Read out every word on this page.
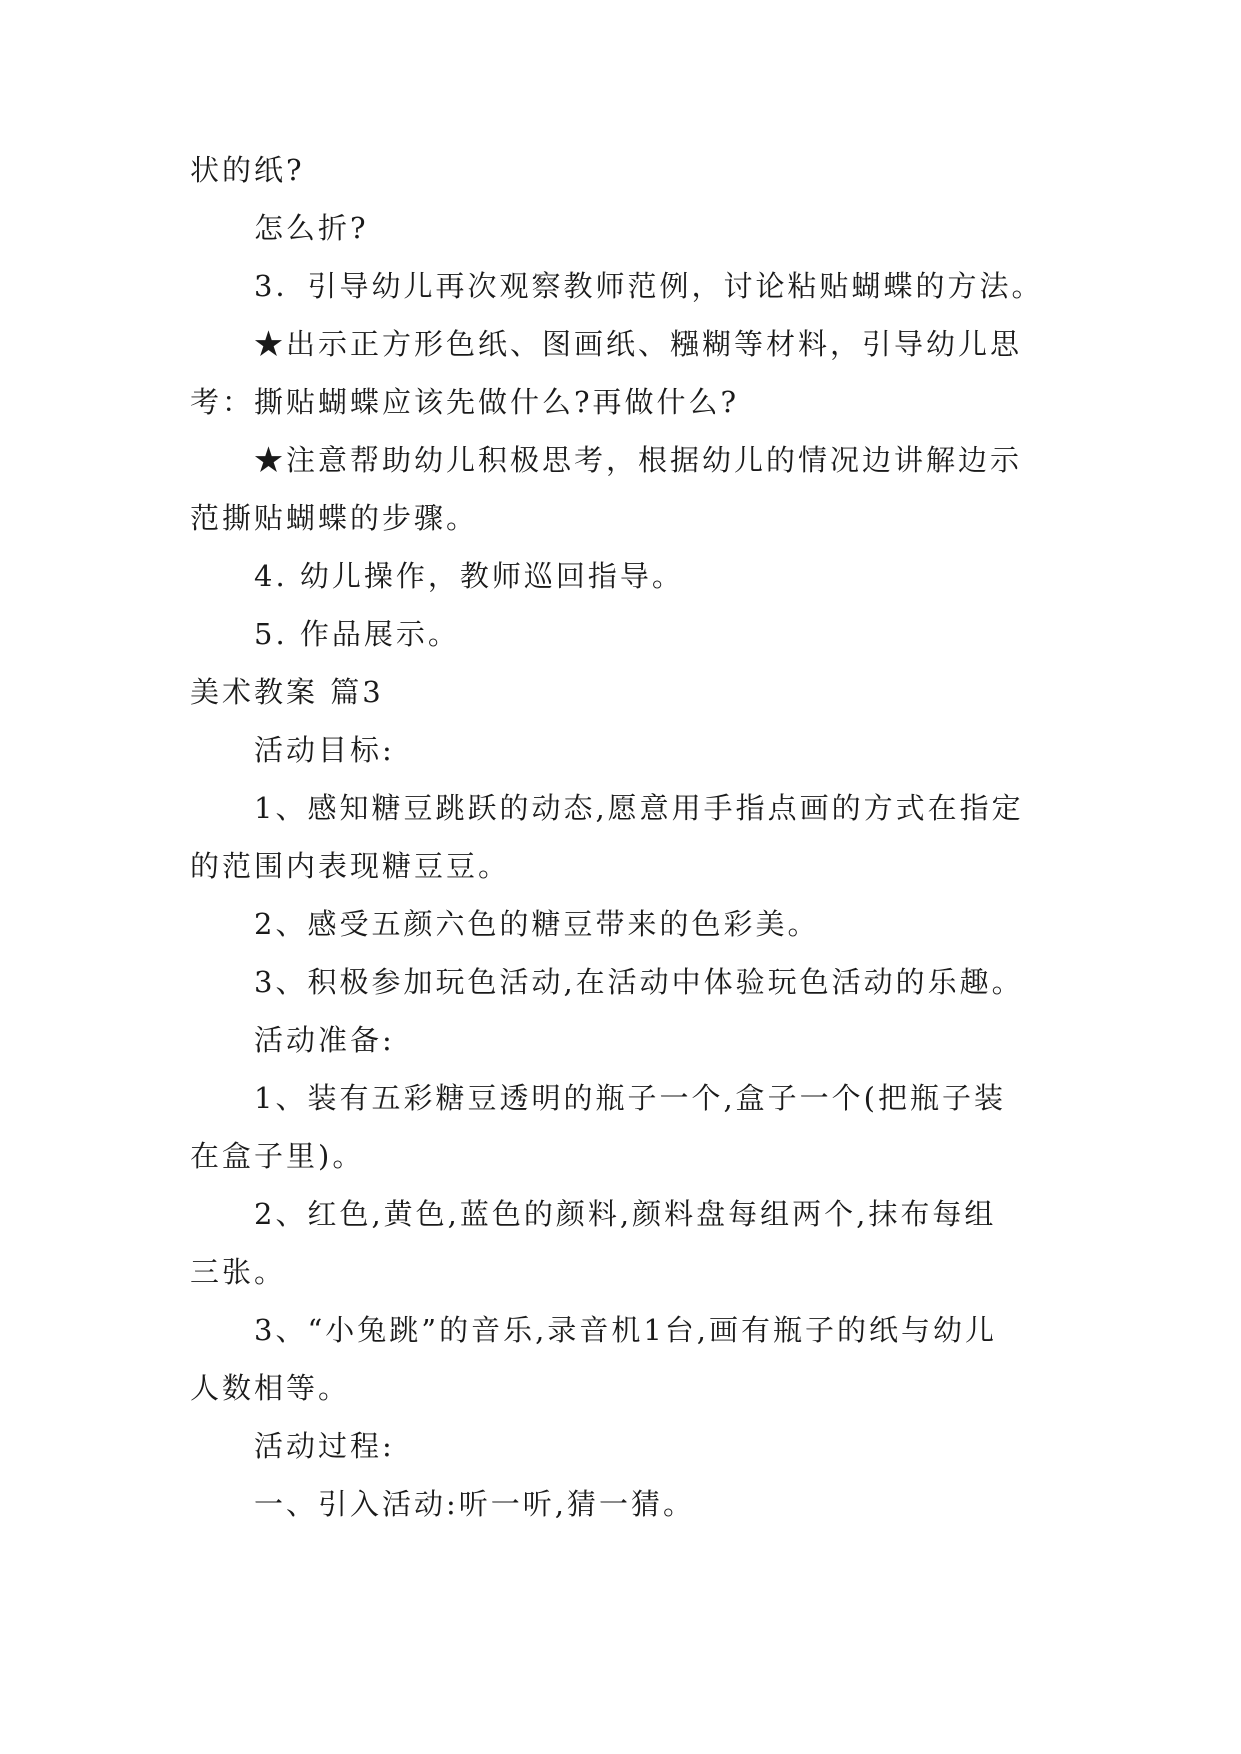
状的纸?
怎么折?
3．引导幼儿再次观察教师范例，讨论粘贴蝴蝶的方法。
★出示正方形色纸、图画纸、糨糊等材料，引导幼儿思
考：撕贴蝴蝶应该先做什么?再做什么?
★注意帮助幼儿积极思考，根据幼儿的情况边讲解边示
范撕贴蝴蝶的步骤。
4. 幼儿操作，教师巡回指导。
5. 作品展示。
美术教案 篇3
活动目标:
1、感知糖豆跳跃的动态,愿意用手指点画的方式在指定
的范围内表现糖豆豆。
2、感受五颜六色的糖豆带来的色彩美。
3、积极参加玩色活动,在活动中体验玩色活动的乐趣。
活动准备:
1、装有五彩糖豆透明的瓶子一个,盒子一个(把瓶子装
在盒子里)。
2、红色,黄色,蓝色的颜料,颜料盘每组两个,抹布每组
三张。
3、“小兔跳”的音乐,录音机1台,画有瓶子的纸与幼儿
人数相等。
活动过程:
一、引入活动:听一听,猜一猜。
